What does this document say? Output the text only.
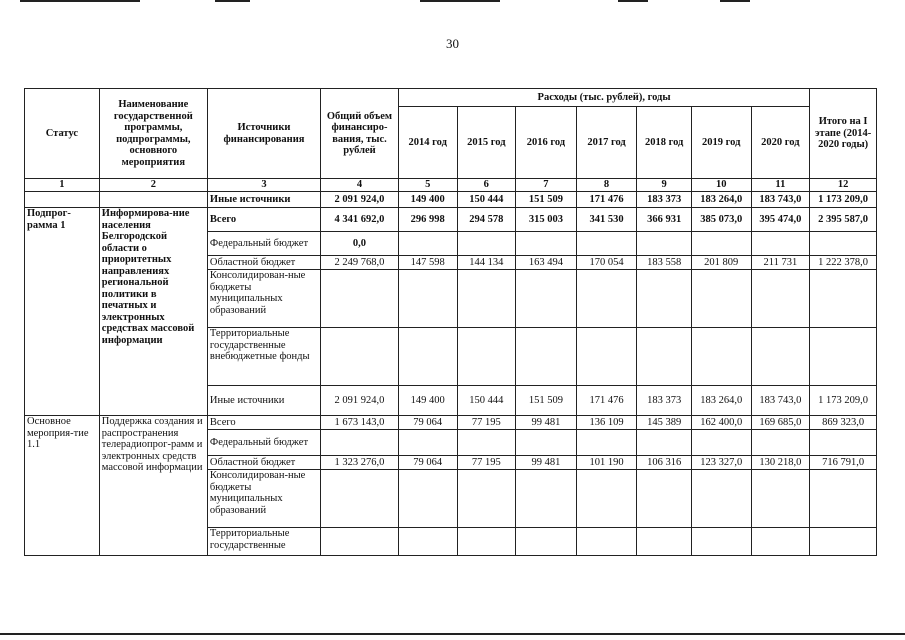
30
Статус	Наименование государственной программы, подпрограммы, основного мероприятия	Источники финансирования	Общий объем финансиро-вания, тыс. рублей	Расходы (тыс. рублей), годы							Итого на I этапе (2014-2020 годы)
				2014 год	2015 год	2016 год	2017 год	2018 год	2019 год	2020 год	
1	2	3	4	5	6	7	8	9	10	11	12
		Иные источники	2 091 924,0	149 400	150 444	151 509	171 476	183 373	183 264,0	183 743,0	1 173 209,0
Подпрог-рамма 1	Информирова-ние населения Белгородской области о приоритетных направлениях региональной политики в печатных и электронных средствах массовой информации	Всего	4 341 692,0	296 998	294 578	315 003	341 530	366 931	385 073,0	395 474,0	2 395 587,0
		Федеральный бюджет	0,0								
		Областной бюджет	2 249 768,0	147 598	144 134	163 494	170 054	183 558	201 809	211 731	1 222 378,0
		Консолидирован-ные бюджеты муниципальных образований									
		Территориальные государственные внебюджетные фонды									
		Иные источники	2 091 924,0	149 400	150 444	151 509	171 476	183 373	183 264,0	183 743,0	1 173 209,0
Основное мероприя-тие 1.1	Поддержка создания и распространения телерадиопрог-рамм и электронных средств массовой информации	Всего	1 673 143,0	79 064	77 195	99 481	136 109	145 389	162 400,0	169 685,0	869 323,0
		Федеральный бюджет									
		Областной бюджет	1 323 276,0	79 064	77 195	99 481	101 190	106 316	123 327,0	130 218,0	716 791,0
		Консолидирован-ные бюджеты муниципальных образований									
		Территориальные государственные									
